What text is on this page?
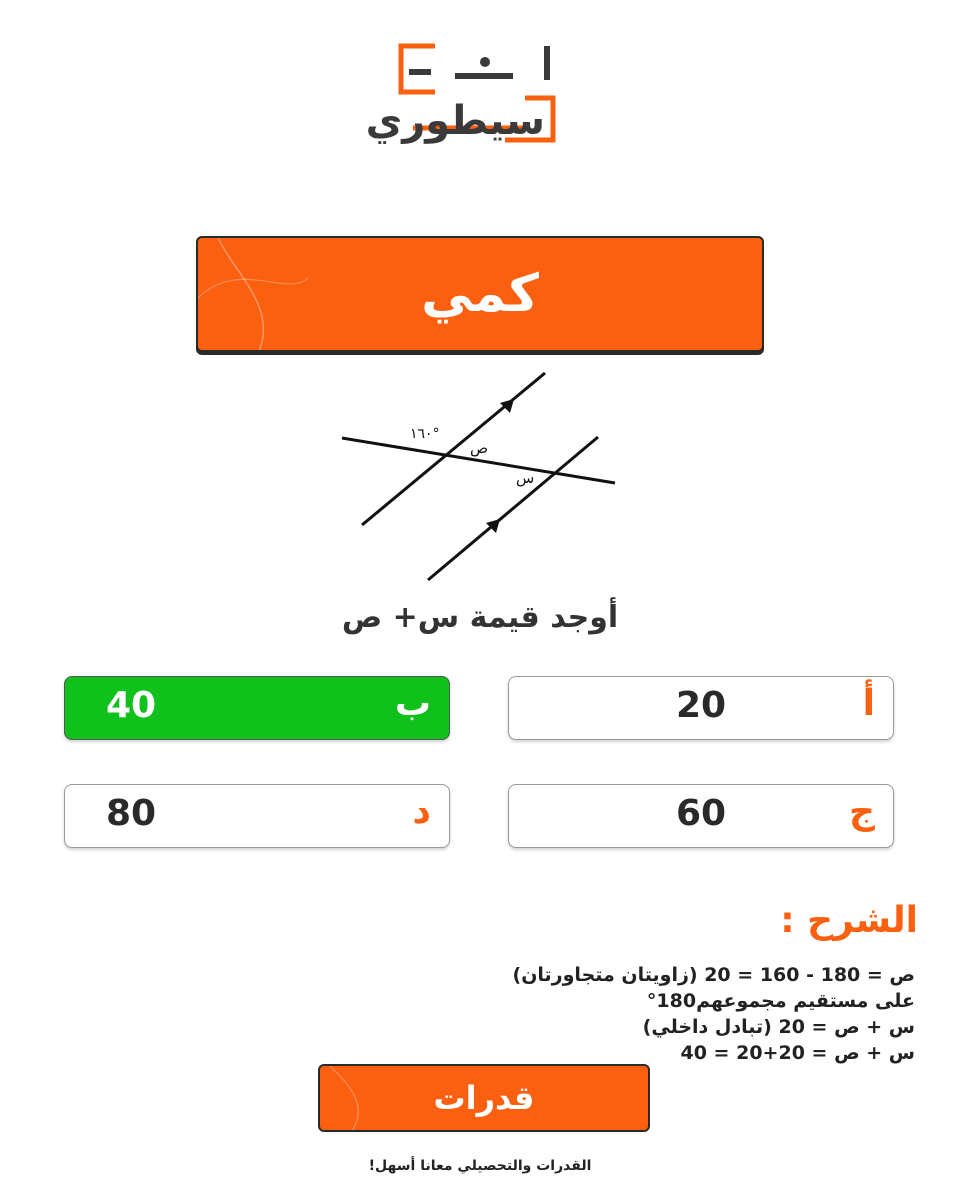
سيطوري
كمي
١٦٠°
ص
س
أوجد قيمة س+ ص
أ
20
ب
40
ج
60
د
80
الشرح :
ص = 180 - 160 = 20 (زاويتان متجاورتان)
على مستقيم مجموعهم180°
س + ص = 20 (تبادل داخلي)
س + ص = 20+20 = 40
قدرات
القدرات والتحصيلي معانا أسهل!
